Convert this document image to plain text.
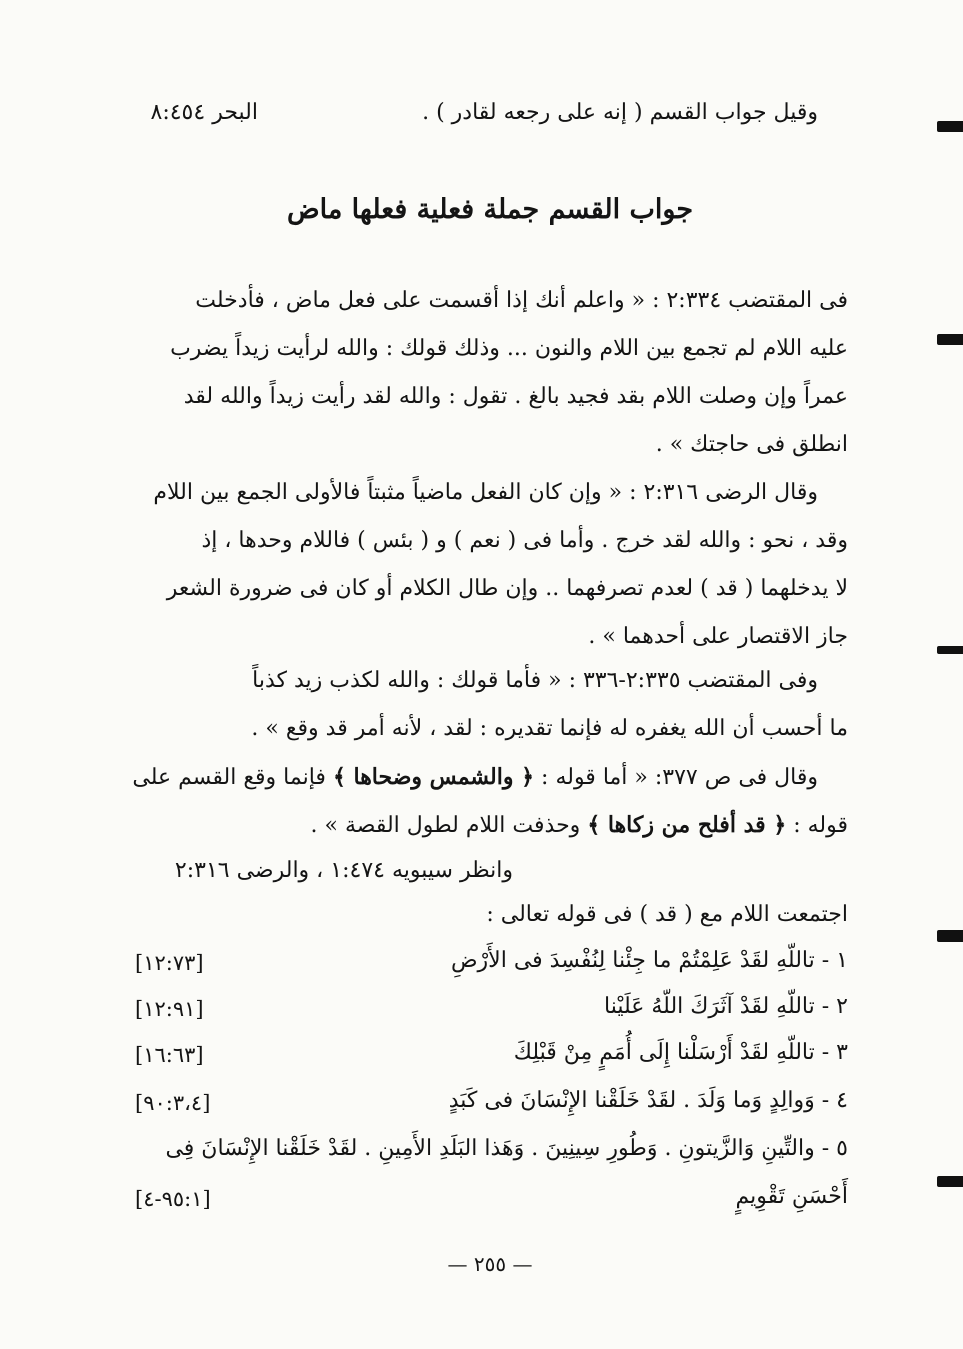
وقيل جواب القسم ( إنه على رجعه لقادر ) .
البحر ٨:٤٥٤
جواب القسم جملة فعلية فعلها ماض
فى المقتضب ٢:٣٣٤ : « واعلم أنك إذا أقسمت على فعل ماض ، فأدخلت
عليه اللام لم تجمع بين اللام والنون ... وذلك قولك : والله لرأيت زيداً يضرب
عمراً وإن وصلت اللام بقد فجيد بالغ . تقول : والله لقد رأيت زيداً والله لقد
انطلق فى حاجتك » .
وقال الرضى ٢:٣١٦ : « وإن كان الفعل ماضياً مثبتاً فالأولى الجمع بين اللام
وقد ، نحو : والله لقد خرج . وأما فى ( نعم ) و ( بئس ) فاللام وحدها ، إذ
لا يدخلهما ( قد ) لعدم تصرفهما .. وإن طال الكلام أو كان فى ضرورة الشعر
جاز الاقتصار على أحدهما » .
وفى المقتضب ٢:٣٣٥-٣٣٦ : « فأما قولك : والله لكذب زيد كذباً
ما أحسب أن الله يغفره له فإنما تقديره : لقد ، لأنه أمر قد وقع » .
وقال فى ص ٣٧٧: « أما قوله : ﴿ والشمس وضحاها ﴾ فإنما وقع القسم على
قوله : ﴿ قد أفلح من زكاها ﴾ وحذفت اللام لطول القصة » .
وانظر سيبويه ١:٤٧٤ ، والرضى ٢:٣١٦
اجتمعت اللام مع ( قد ) فى قوله تعالى :
١ - تاللّهِ لقَدْ عَلِمْتُمْ ما جِئْنا لِنُفْسِدَ فى الأَرْضِ
[١٢:٧٣]
٢ - تاللّهِ لقَدْ آثَرَكَ اللّهُ عَلَيْنا
[١٢:٩١]
٣ - تاللّهِ لقَدْ أَرْسَلْنا إِلَى أُمَمٍ مِنْ قَبْلِكَ
[١٦:٦٣]
٤ - وَوالِدٍ وَما وَلَدَ . لقَدْ خَلَقْنا الإِنْسَانَ فى كَبَدٍ
[٩٠:٣،٤]
٥ - والتِّينِ وَالزَّيتونِ . وَطُورِ سِينِينَ . وَهَذا البَلَدِ الأَمِينِ . لقَدْ خَلَقْنا الإِنْسَانَ فِى
أَحْسَنِ تَقْوِيمٍ
[٩٥:١-٤]
— ٢٥٥ —
